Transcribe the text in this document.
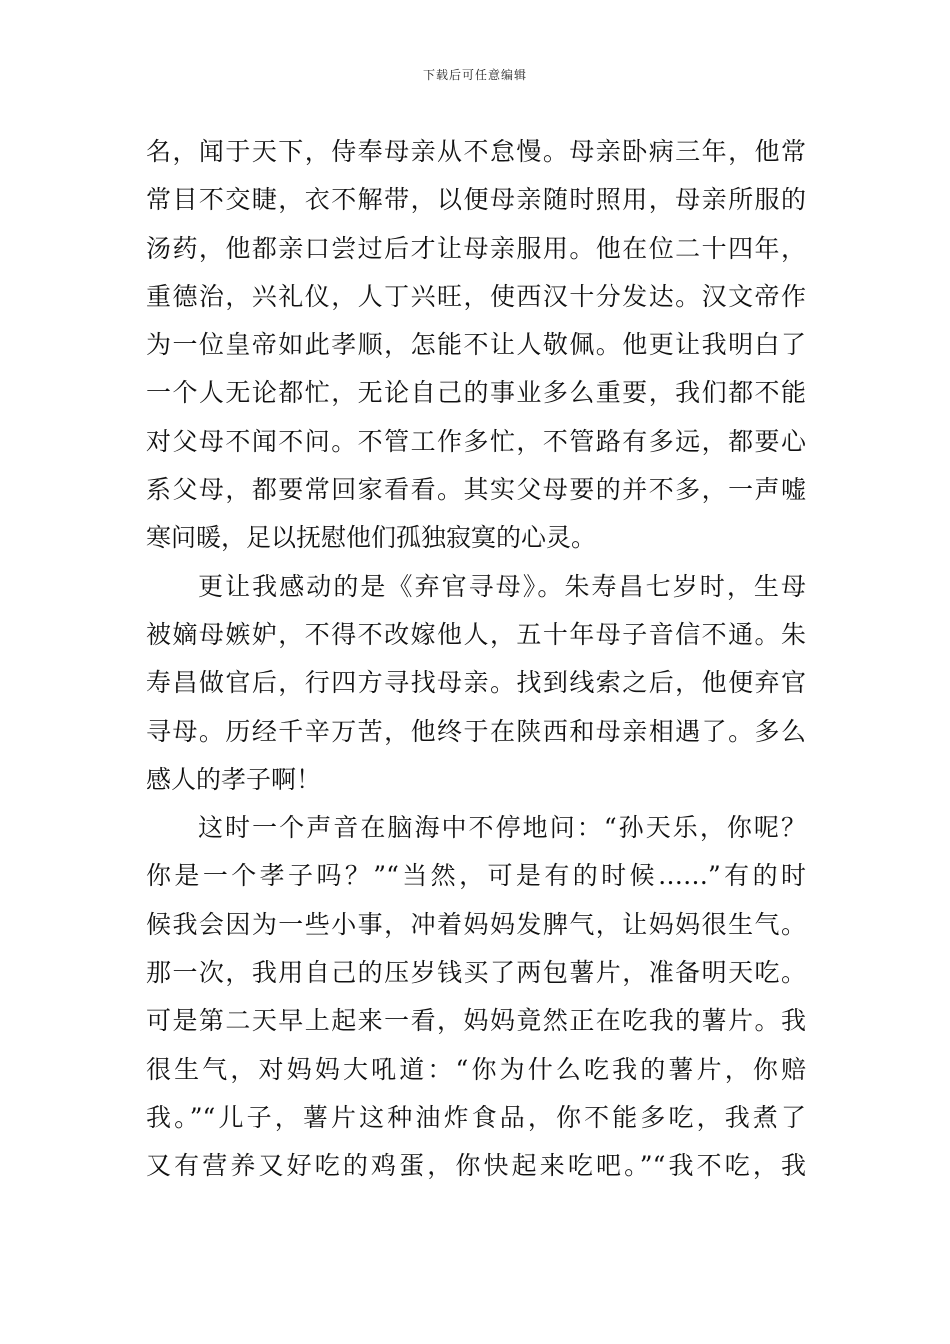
下载后可任意编辑
名，闻于天下，侍奉母亲从不怠慢。母亲卧病三年，他常
常目不交睫，衣不解带，以便母亲随时照用，母亲所服的
汤药，他都亲口尝过后才让母亲服用。他在位二十四年，
重德治，兴礼仪，人丁兴旺，使西汉十分发达。汉文帝作
为一位皇帝如此孝顺，怎能不让人敬佩。他更让我明白了
一个人无论都忙，无论自己的事业多么重要，我们都不能
对父母不闻不问。不管工作多忙，不管路有多远，都要心
系父母，都要常回家看看。其实父母要的并不多，一声嘘
寒问暖，足以抚慰他们孤独寂寞的心灵。
更让我感动的是《弃官寻母》。朱寿昌七岁时，生母
被嫡母嫉妒，不得不改嫁他人，五十年母子音信不通。朱
寿昌做官后，行四方寻找母亲。找到线索之后，他便弃官
寻母。历经千辛万苦，他终于在陕西和母亲相遇了。多么
感人的孝子啊！
这时一个声音在脑海中不停地问：“孙天乐，你呢？
你是一个孝子吗？”“当然，可是有的时候……”有的时
候我会因为一些小事，冲着妈妈发脾气，让妈妈很生气。
那一次，我用自己的压岁钱买了两包薯片，准备明天吃。
可是第二天早上起来一看，妈妈竟然正在吃我的薯片。我
很生气，对妈妈大吼道：“你为什么吃我的薯片，你赔
我。”“儿子，薯片这种油炸食品，你不能多吃，我煮了
又有营养又好吃的鸡蛋，你快起来吃吧。”“我不吃，我
